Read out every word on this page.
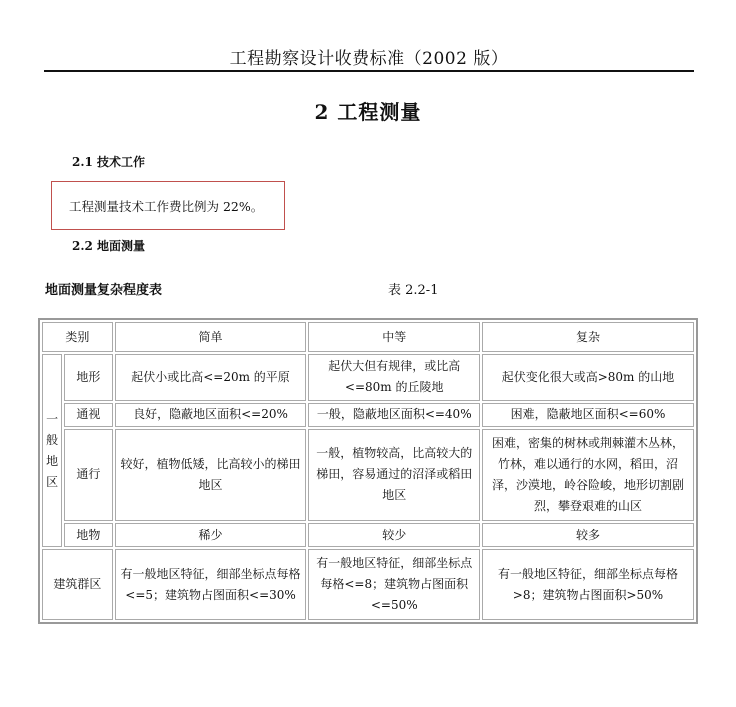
工程勘察设计收费标准（2002 版）
2 工程测量
2.1 技术工作
工程测量技术工作费比例为 22%。
2.2 地面测量
地面测量复杂程度表	表 2.2-1
类别		简单	中等	复杂

一
般
地
区	地形	起伏小或比高<=20m 的平原	起伏大但有规律，或比高<=80m 的丘陵地	起伏变化很大或高>80m 的山地
	通视	良好，隐蔽地区面积<=20%	一般，隐蔽地区面积<=40%	困难，隐蔽地区面积<=60%
	通行	较好，植物低矮，比高较小的梯田地区	一般，植物较高，比高较大的梯田，容易通过的沼泽或稻田地区	困难，密集的树林或荆棘灌木丛林，竹林，难以通行的水网，稻田，沼泽，沙漠地，岭谷险峻，地形切割剧烈，攀登艰难的山区
	地物	稀少	较少	较多
建筑群区		有一般地区特征，细部坐标点每格<=5；建筑物占图面积<=30%	有一般地区特征，细部坐标点每格<=8；建筑物占图面积<=50%	有一般地区特征，细部坐标点每格>8；建筑物占图面积>50%
